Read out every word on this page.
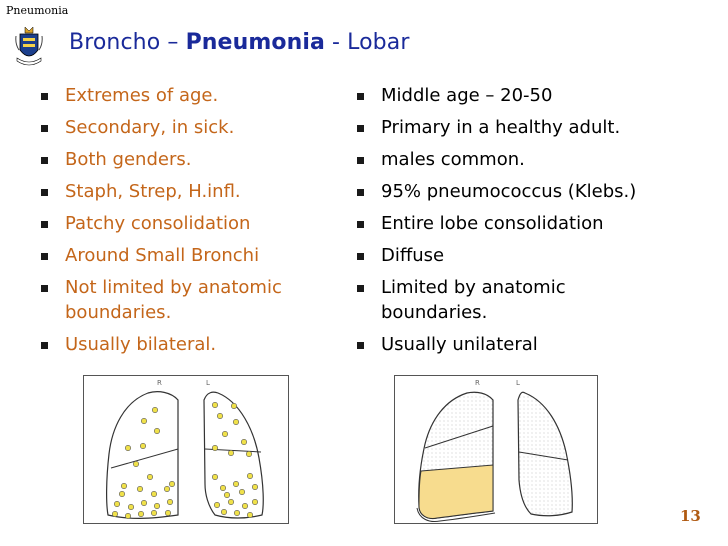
Pneumonia
Broncho – Pneumonia - Lobar
Extremes of age.
Secondary, in sick.
Both genders.
Staph, Strep, H.infl.
Patchy consolidation
Around Small Bronchi
Not limited by anatomic
boundaries.
Usually bilateral.
Middle age – 20-50
Primary in a healthy adult.
males common.
95% pneumococcus (Klebs.)
Entire lobe consolidation
Diffuse
Limited by anatomic
boundaries.
Usually unilateral
R	L	R	L
13
